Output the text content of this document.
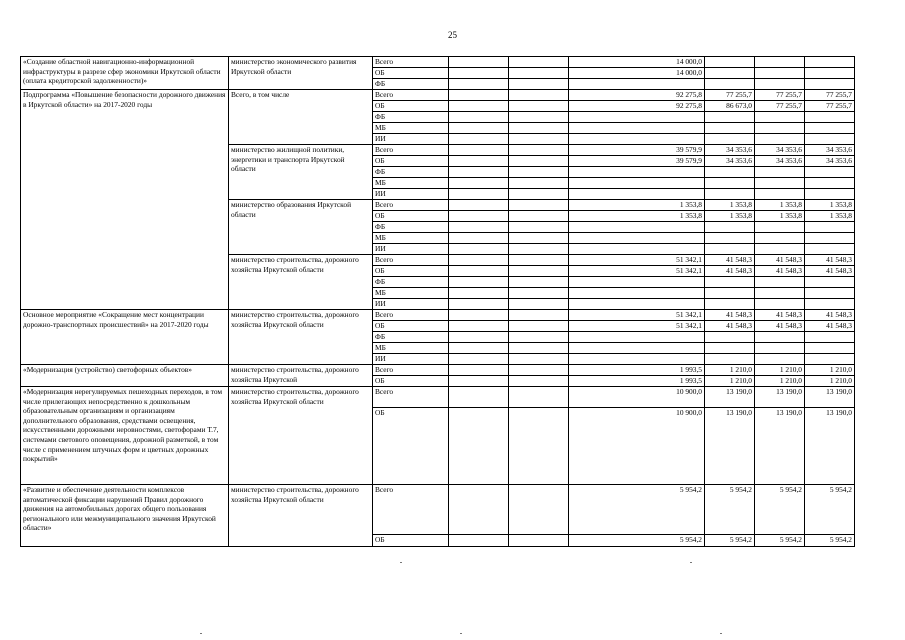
25
«Создание областной навигационно-информационной инфраструктуры в разрезе сфер экономики Иркутской области (оплата кредиторской задолженности)»	министерство экономического развития Иркутской области	Всего			14 000,0			
		ОБ			14 000,0			
		ФБ						
Подпрограмма «Повышение безопасности дорожного движения в Иркутской области» на 2017-2020 годы	Всего, в том числе	Всего			92 275,8	77 255,7	77 255,7	77 255,7
		ОБ			92 275,8	86 673,0	77 255,7	77 255,7
		ФБ						
		МБ						
		ИИ						
	министерство жилищной политики, энергетики и транспорта Иркутской области	Всего			39 579,9	34 353,6	34 353,6	34 353,6
		ОБ			39 579,9	34 353,6	34 353,6	34 353,6
		ФБ						
		МБ						
		ИИ						
	министерство образования Иркутской области	Всего			1 353,8	1 353,8	1 353,8	1 353,8
		ОБ			1 353,8	1 353,8	1 353,8	1 353,8
		ФБ						
		МБ						
		ИИ						
	министерство строительства, дорожного хозяйства Иркутской области	Всего			51 342,1	41 548,3	41 548,3	41 548,3
		ОБ			51 342,1	41 548,3	41 548,3	41 548,3
		ФБ						
		МБ						
		ИИ						
Основное мероприятие «Сокращение мест концентрации дорожно-транспортных происшествий» на 2017-2020 годы	министерство строительства, дорожного хозяйства Иркутской области	Всего			51 342,1	41 548,3	41 548,3	41 548,3
		ОБ			51 342,1	41 548,3	41 548,3	41 548,3
		ФБ						
		МБ						
		ИИ						
«Модернизация (устройство) светофорных объектов»	министерство строительства, дорожного хозяйства Иркутской	Всего			1 993,5	1 210,0	1 210,0	1 210,0
		ОБ			1 993,5	1 210,0	1 210,0	1 210,0
«Модернизация нерегулируемых пешеходных переходов, в том числе прилегающих непосредственно к дошкольным образовательным организациям и организациям дополнительного образования, средствами освещения, искусственными дорожными неровностями, светофорами Т.7, системами светового оповещения, дорожной разметкой, в том числе с применением штучных форм и цветных дорожных покрытий»	министерство строительства, дорожного хозяйства Иркутской области	Всего			10 900,0	13 190,0	13 190,0	13 190,0
		ОБ			10 900,0	13 190,0	13 190,0	13 190,0
«Развитие и обеспечение деятельности комплексов автоматической фиксации нарушений Правил дорожного движения на автомобильных дорогах общего пользования регионального или межмуниципального значения Иркутской области»	министерство строительства, дорожного хозяйства Иркутской области	Всего			5 954,2	5 954,2	5 954,2	5 954,2
		ОБ			5 954,2	5 954,2	5 954,2	5 954,2
